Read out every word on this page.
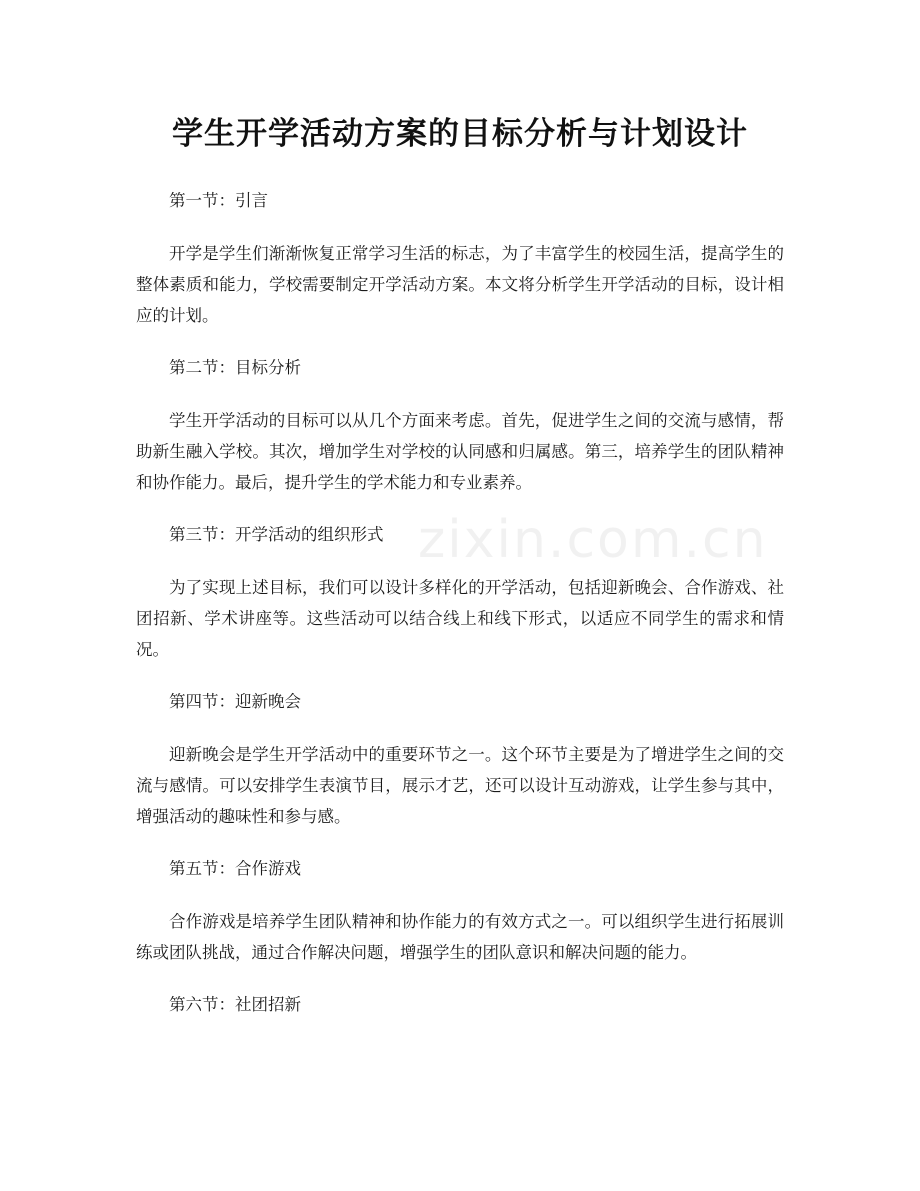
学生开学活动方案的目标分析与计划设计
zixin.com.cn
第一节：引言
开学是学生们渐渐恢复正常学习生活的标志，为了丰富学生的校园生活，提高学生的整体素质和能力，学校需要制定开学活动方案。本文将分析学生开学活动的目标，设计相应的计划。
第二节：目标分析
学生开学活动的目标可以从几个方面来考虑。首先，促进学生之间的交流与感情，帮助新生融入学校。其次，增加学生对学校的认同感和归属感。第三，培养学生的团队精神和协作能力。最后，提升学生的学术能力和专业素养。
第三节：开学活动的组织形式
为了实现上述目标，我们可以设计多样化的开学活动，包括迎新晚会、合作游戏、社团招新、学术讲座等。这些活动可以结合线上和线下形式，以适应不同学生的需求和情况。
第四节：迎新晚会
迎新晚会是学生开学活动中的重要环节之一。这个环节主要是为了增进学生之间的交流与感情。可以安排学生表演节目，展示才艺，还可以设计互动游戏，让学生参与其中，增强活动的趣味性和参与感。
第五节：合作游戏
合作游戏是培养学生团队精神和协作能力的有效方式之一。可以组织学生进行拓展训练或团队挑战，通过合作解决问题，增强学生的团队意识和解决问题的能力。
第六节：社团招新
